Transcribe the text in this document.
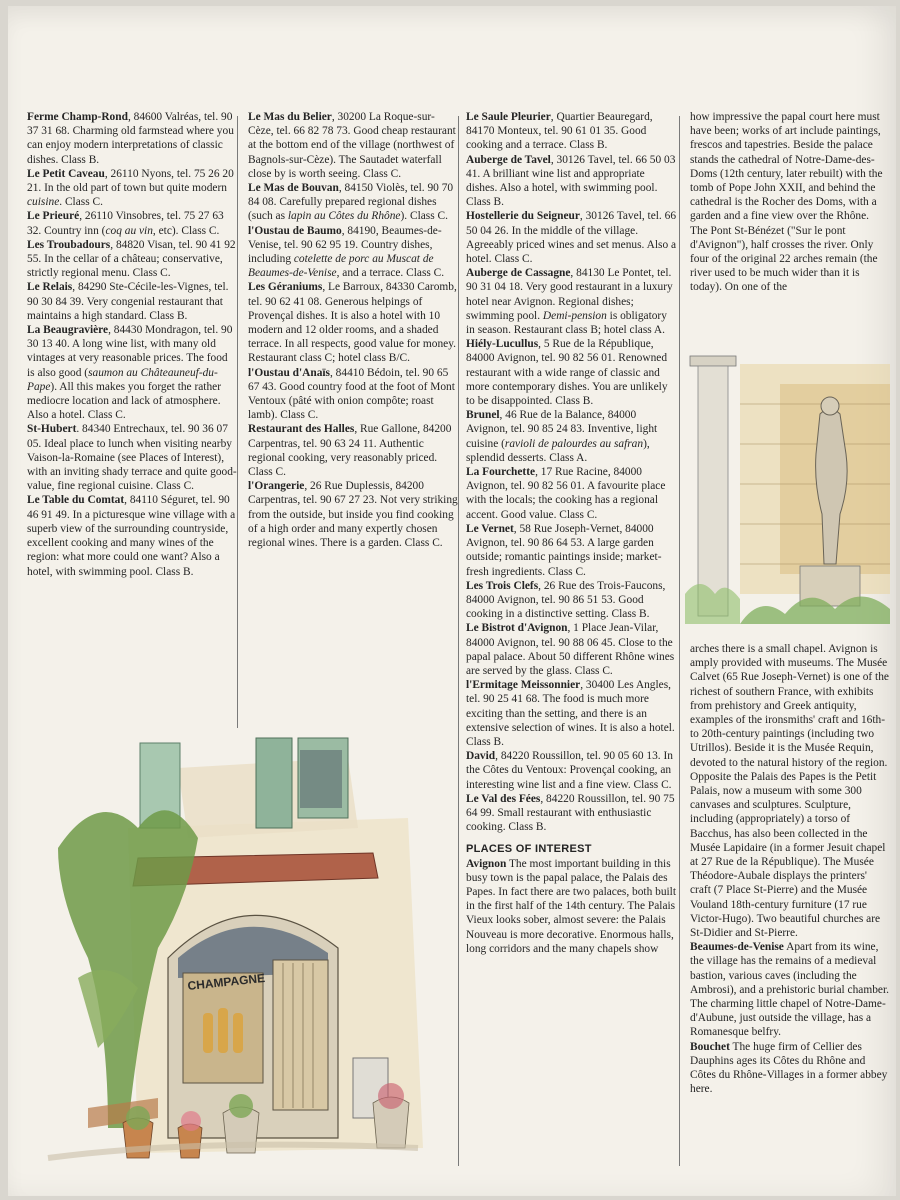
Ferme Champ-Rond, 84600 Valréas, tel. 90 37 31 68. Charming old farmstead where you can enjoy modern interpretations of classic dishes. Class B.

Le Petit Caveau, 26110 Nyons, tel. 75 26 20 21. In the old part of town but quite modern cuisine. Class C.

Le Prieuré, 26110 Vinsobres, tel. 75 27 63 32. Country inn (coq au vin, etc). Class C.

Les Troubadours, 84820 Visan, tel. 90 41 92 55. In the cellar of a château; conservative, strictly regional menu. Class C.

Le Relais, 84290 Ste-Cécile-les-Vignes, tel. 90 30 84 39. Very congenial restaurant that maintains a high standard. Class B.

La Beaugravière, 84430 Mondragon, tel. 90 30 13 40. A long wine list, with many old vintages at very reasonable prices. The food is also good (saumon au Châteauneuf-du-Pape). All this makes you forget the rather mediocre location and lack of atmosphere. Also a hotel. Class C.

St-Hubert. 84340 Entrechaux, tel. 90 36 07 05. Ideal place to lunch when visiting nearby Vaison-la-Romaine (see Places of Interest), with an inviting shady terrace and quite good-value, fine regional cuisine. Class C.

Le Table du Comtat, 84110 Séguret, tel. 90 46 91 49. In a picturesque wine village with a superb view of the surrounding countryside, excellent cooking and many wines of the region: what more could one want? Also a hotel, with swimming pool. Class B.

Le Mas du Belier, 30200 La Roque-sur-Cèze, tel. 66 82 78 73. Good cheap restaurant at the bottom end of the village (northwest of Bagnols-sur-Cèze). The Sautadet waterfall close by is worth seeing. Class C.

Le Mas de Bouvan, 84150 Violès, tel. 90 70 84 08. Carefully prepared regional dishes (such as lapin au Côtes du Rhône). Class C.

l'Oustau de Baumo, 84190, Beaumes-de-Venise, tel. 90 62 95 19. Country dishes, including cotelette de porc au Muscat de Beaumes-de-Venise, and a terrace. Class C.

Les Géraniums, Le Barroux, 84330 Caromb, tel. 90 62 41 08. Generous helpings of Provençal dishes. It is also a hotel with 10 modern and 12 older rooms, and a shaded terrace. In all respects, good value for money. Restaurant class C; hotel class B/C.

l'Oustau d'Anaïs, 84410 Bédoin, tel. 90 65 67 43. Good country food at the foot of Mont Ventoux (pâté with onion compôte; roast lamb). Class C.

Restaurant des Halles, Rue Gallone, 84200 Carpentras, tel. 90 63 24 11. Authentic regional cooking, very reasonably priced. Class C.

l'Orangerie, 26 Rue Duplessis, 84200 Carpentras, tel. 90 67 27 23. Not very striking from the outside, but inside you find cooking of a high order and many expertly chosen regional wines. There is a garden. Class C.

Le Saule Pleurier, Quartier Beauregard, 84170 Monteux, tel. 90 61 01 35. Good cooking and a terrace. Class B.

Auberge de Tavel, 30126 Tavel, tel. 66 50 03 41. A brilliant wine list and appropriate dishes. Also a hotel, with swimming pool. Class B.

Hostellerie du Seigneur, 30126 Tavel, tel. 66 50 04 26. In the middle of the village. Agreeably priced wines and set menus. Also a hotel. Class C.

Auberge de Cassagne, 84130 Le Pontet, tel. 90 31 04 18. Very good restaurant in a luxury hotel near Avignon. Regional dishes; swimming pool. Demi-pension is obligatory in season. Restaurant class B; hotel class A.

Hiély-Lucullus, 5 Rue de la République, 84000 Avignon, tel. 90 82 56 01. Renowned restaurant with a wide range of classic and more contemporary dishes. You are unlikely to be disappointed. Class B.

Brunel, 46 Rue de la Balance, 84000 Avignon, tel. 90 85 24 83. Inventive, light cuisine (ravioli de palourdes au safran), splendid desserts. Class A.

La Fourchette, 17 Rue Racine, 84000 Avignon, tel. 90 82 56 01. A favourite place with the locals; the cooking has a regional accent. Good value. Class C.

Le Vernet, 58 Rue Joseph-Vernet, 84000 Avignon, tel. 90 86 64 53. A large garden outside; romantic paintings inside; market-fresh ingredients. Class C.

Les Trois Clefs, 26 Rue des Trois-Faucons, 84000 Avignon, tel. 90 86 51 53. Good cooking in a distinctive setting. Class B.

Le Bistrot d'Avignon, 1 Place Jean-Vilar, 84000 Avignon, tel. 90 88 06 45. Close to the papal palace. About 50 different Rhône wines are served by the glass. Class C.

l'Ermitage Meissonnier, 30400 Les Angles, tel. 90 25 41 68. The food is much more exciting than the setting, and there is an extensive selection of wines. It is also a hotel. Class B.

David, 84220 Roussillon, tel. 90 05 60 13. In the Côtes du Ventoux: Provençal cooking, an interesting wine list and a fine view. Class C.

Le Val des Fées, 84220 Roussillon, tel. 90 75 64 99. Small restaurant with enthusiastic cooking. Class B.

PLACES OF INTEREST

Avignon The most important building in this busy town is the papal palace, the Palais des Papes. In fact there are two palaces, both built in the first half of the 14th century. The Palais Vieux looks sober, almost severe: the Palais Nouveau is more decorative. Enormous halls, long corridors and the many chapels show

how impressive the papal court here must have been; works of art include paintings, frescos and tapestries. Beside the palace stands the cathedral of Notre-Dame-des-Doms (12th century, later rebuilt) with the tomb of Pope John XXII, and behind the cathedral is the Rocher des Doms, with a garden and a fine view over the Rhône.

The Pont St-Bénézet ("Sur le pont d'Avignon"), half crosses the river. Only four of the original 22 arches remain (the river used to be much wider than it is today). On one of the

arches there is a small chapel. Avignon is amply provided with museums. The Musée Calvet (65 Rue Joseph-Vernet) is one of the richest of southern France, with exhibits from prehistory and Greek antiquity, examples of the ironsmiths' craft and 16th- to 20th-century paintings (including two Utrillos). Beside it is the Musée Requin, devoted to the natural history of the region. Opposite the Palais des Papes is the Petit Palais, now a museum with some 300 canvases and sculptures. Sculpture, including (appropriately) a torso of Bacchus, has also been collected in the Musée Lapidaire (in a former Jesuit chapel at 27 Rue de la République). The Musée Théodore-Aubale displays the printers' craft (7 Place St-Pierre) and the Musée Vouland 18th-century furniture (17 rue Victor-Hugo). Two beautiful churches are St-Didier and St-Pierre.

Beaumes-de-Venise Apart from its wine, the village has the remains of a medieval bastion, various caves (including the Ambrosi), and a prehistoric burial chamber. The charming little chapel of Notre-Dame-d'Aubune, just outside the village, has a Romanesque belfry.

Bouchet The huge firm of Cellier des Dauphins ages its Côtes du Rhône and Côtes du Rhône-Villages in a former abbey here.

CHAMPAGNE
